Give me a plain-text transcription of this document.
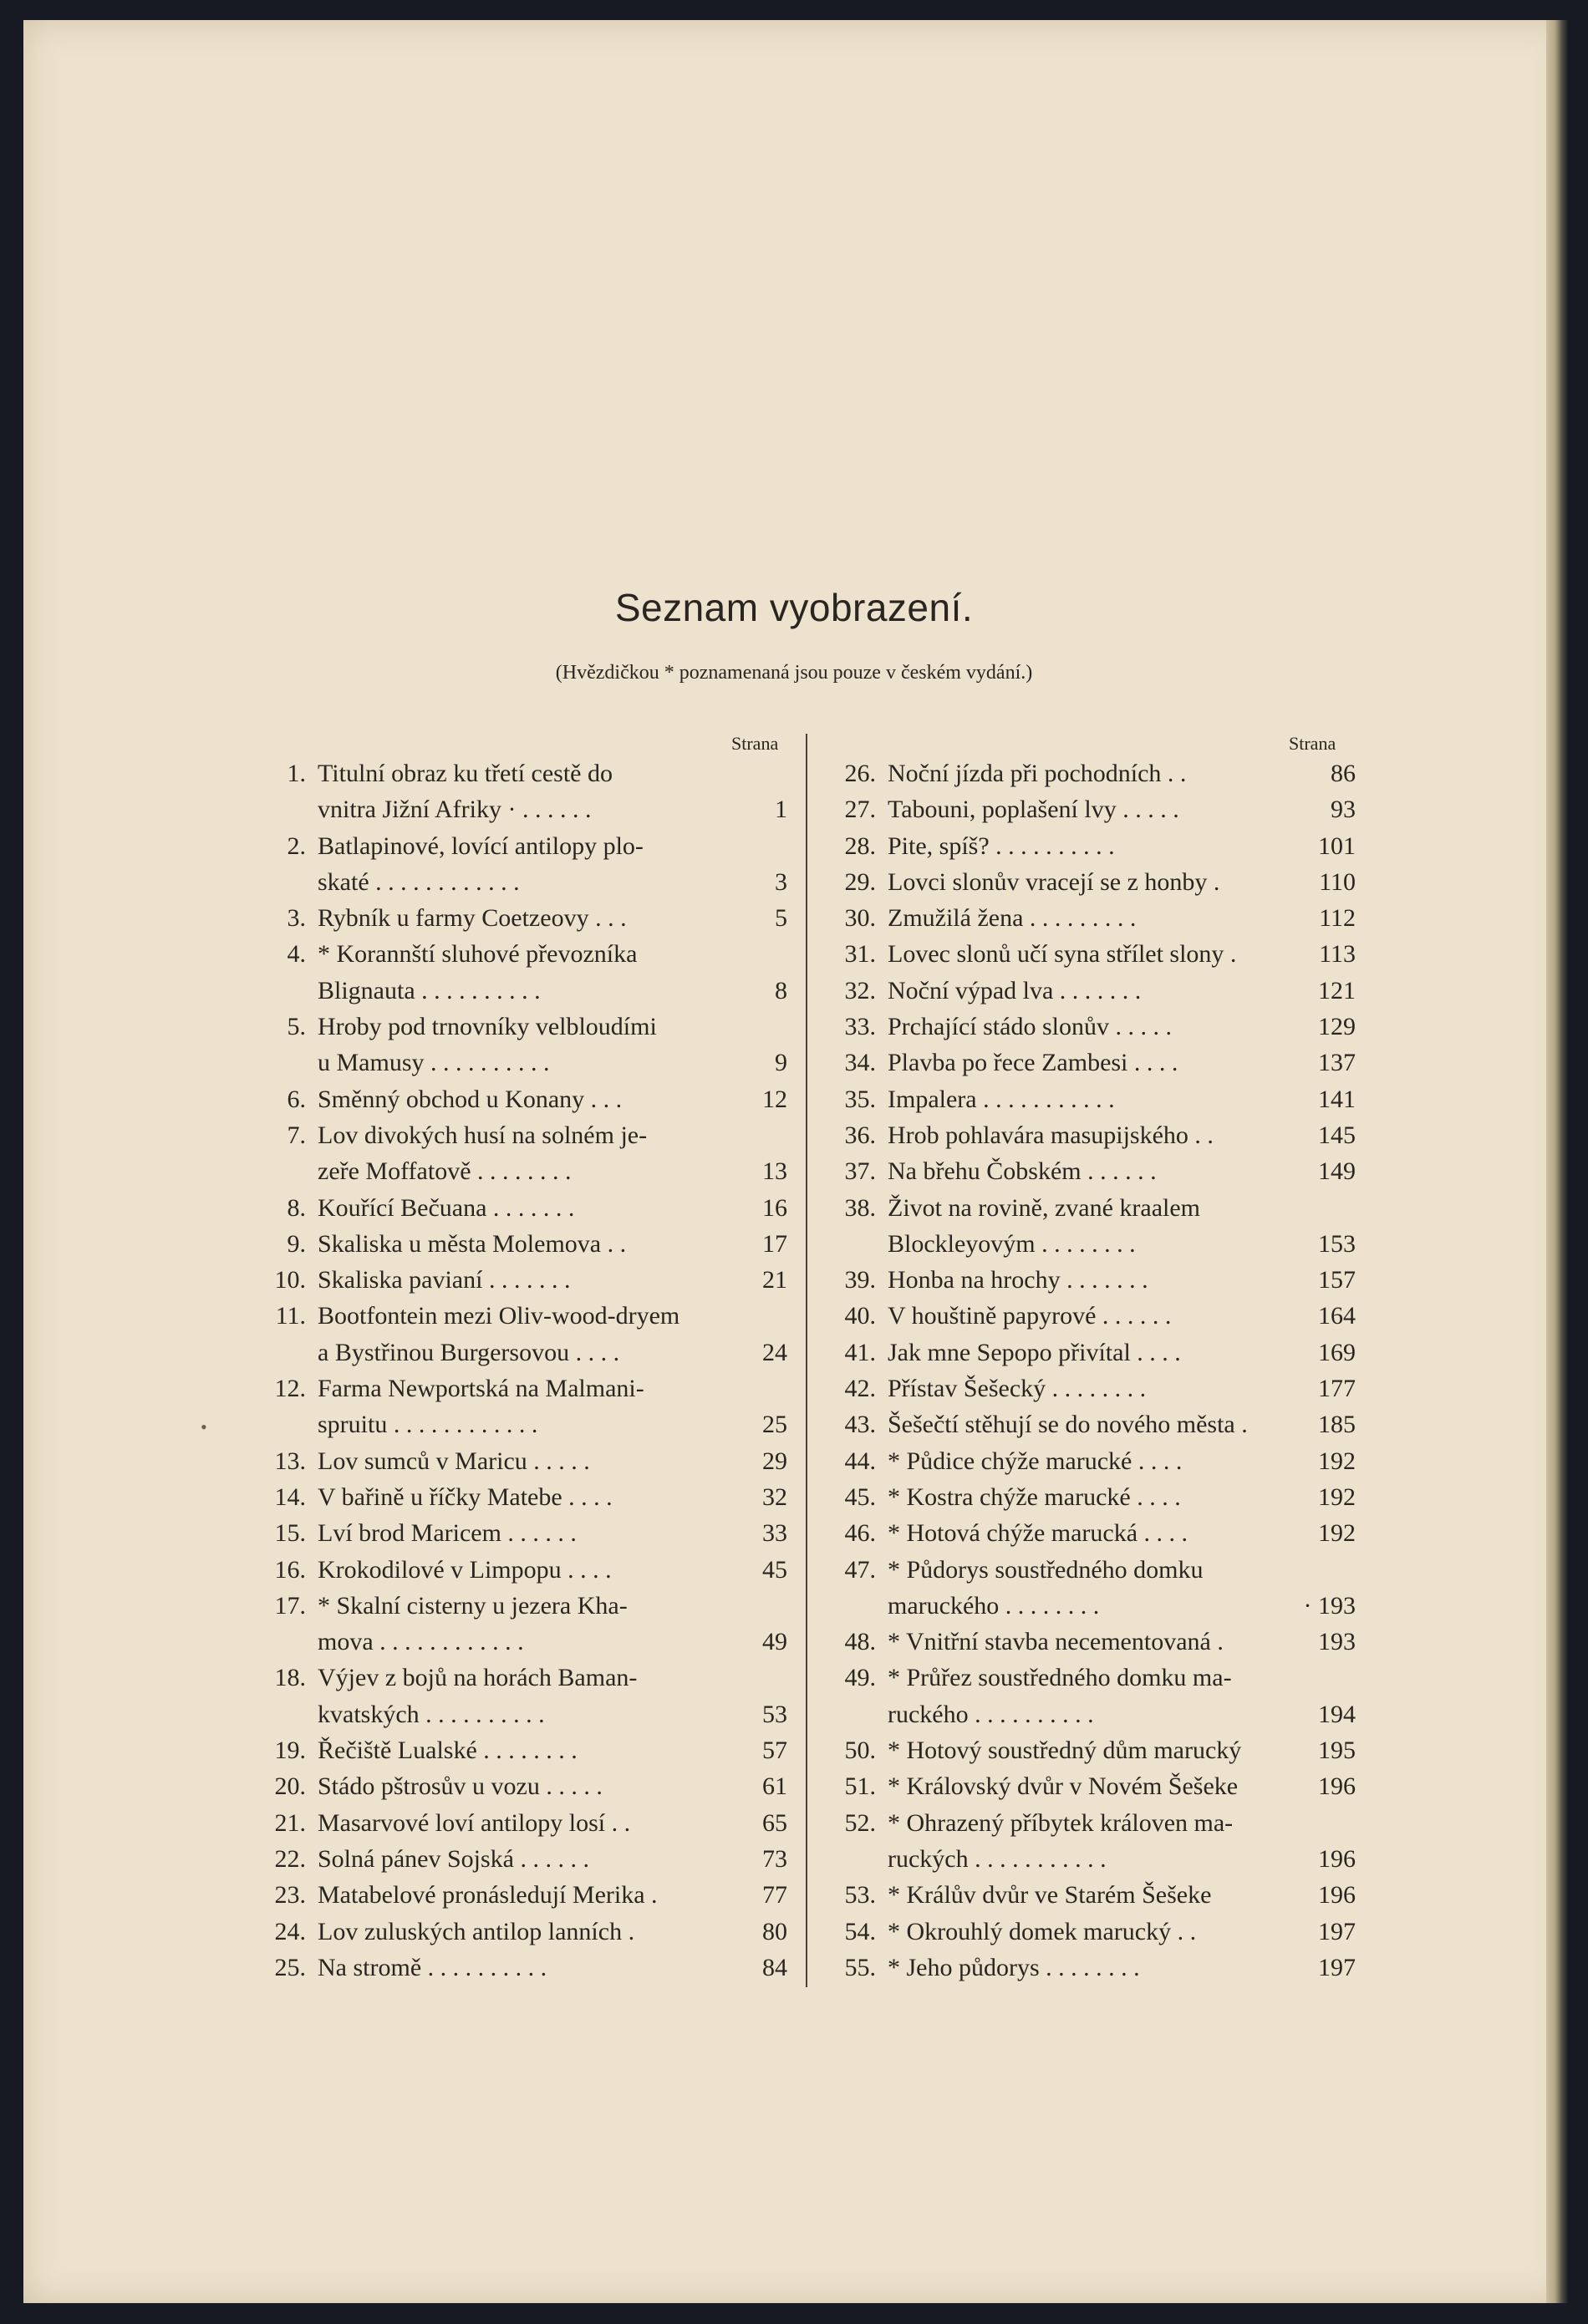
Seznam vyobrazení.
(Hvězdičkou * poznamenaná jsou pouze v českém vydání.)
Strana	Strana
•
1. Titulní obraz ku třetí cestě do
vnitra Jižní Afriky · . . . . . .	1
2. Batlapinové, lovící antilopy plo-
skaté . . . . . . . . . . . .	3
3. Rybník u farmy Coetzeovy . . .	5
4. * Korannští sluhové převozníka
Blignauta . . . . . . . . . .	8
5. Hroby pod trnovníky velbloudími
u Mamusy . . . . . . . . . .	9
6. Směnný obchod u Konany . . .	12
7. Lov divokých husí na solném je-
zeře Moffatově . . . . . . . .	13
8. Kouřící Bečuana . . . . . . .	16
9. Skaliska u města Molemova . .	17
10. Skaliska pavianí . . . . . . .	21
11. Bootfontein mezi Oliv-wood-dryem
a Bystřinou Burgersovou . . . .	24
12. Farma Newportská na Malmani-
spruitu . . . . . . . . . . . .	25
13. Lov sumců v Maricu . . . . .	29
14. V bařině u říčky Matebe . . . .	32
15. Lví brod Maricem . . . . . .	33
16. Krokodilové v Limpopu . . . .	45
17. * Skalní cisterny u jezera Kha-
mova . . . . . . . . . . . .	49
18. Výjev z bojů na horách Baman-
kvatských . . . . . . . . . .	53
19. Řečiště Lualské . . . . . . . .	57
20. Stádo pštrosův u vozu . . . . .	61
21. Masarvové loví antilopy losí . .	65
22. Solná pánev Sojská . . . . . .	73
23. Matabelové pronásledují Merika .	77
24. Lov zuluských antilop lanních .	80
25. Na stromě . . . . . . . . . .	84
26. Noční jízda při pochodních . .	86
27. Tabouni, poplašení lvy . . . . .	93
28. Pite, spíš? . . . . . . . . . .	101
29. Lovci slonův vracejí se z honby .	110
30. Zmužilá žena . . . . . . . . .	112
31. Lovec slonů učí syna střílet slony .	113
32. Noční výpad lva . . . . . . .	121
33. Prchající stádo slonův . . . . .	129
34. Plavba po řece Zambesi . . . .	137
35. Impalera . . . . . . . . . . .	141
36. Hrob pohlavára masupijského . .	145
37. Na břehu Čobském . . . . . .	149
38. Život na rovině, zvané kraalem
Blockleyovým . . . . . . . .	153
39. Honba na hrochy . . . . . . .	157
40. V houštině papyrové . . . . . .	164
41. Jak mne Sepopo přivítal . . . .	169
42. Přístav Šešecký . . . . . . . .	177
43. Šešečtí stěhují se do nového města .	185
44. * Půdice chýže marucké . . . .	192
45. * Kostra chýže marucké . . . .	192
46. * Hotová chýže marucká . . . .	192
47. * Půdorys soustředného domku
maruckého . . . . . . . .	· 193
48. * Vnitřní stavba necementovaná .	193
49. * Průřez soustředného domku ma-
ruckého . . . . . . . . . .	194
50. * Hotový soustředný dům marucký	195
51. * Královský dvůr v Novém Šešeke	196
52. * Ohrazený příbytek královen ma-
ruckých . . . . . . . . . . .	196
53. * Králův dvůr ve Starém Šešeke	196
54. * Okrouhlý domek marucký . .	197
55. * Jeho půdorys . . . . . . . .	197
